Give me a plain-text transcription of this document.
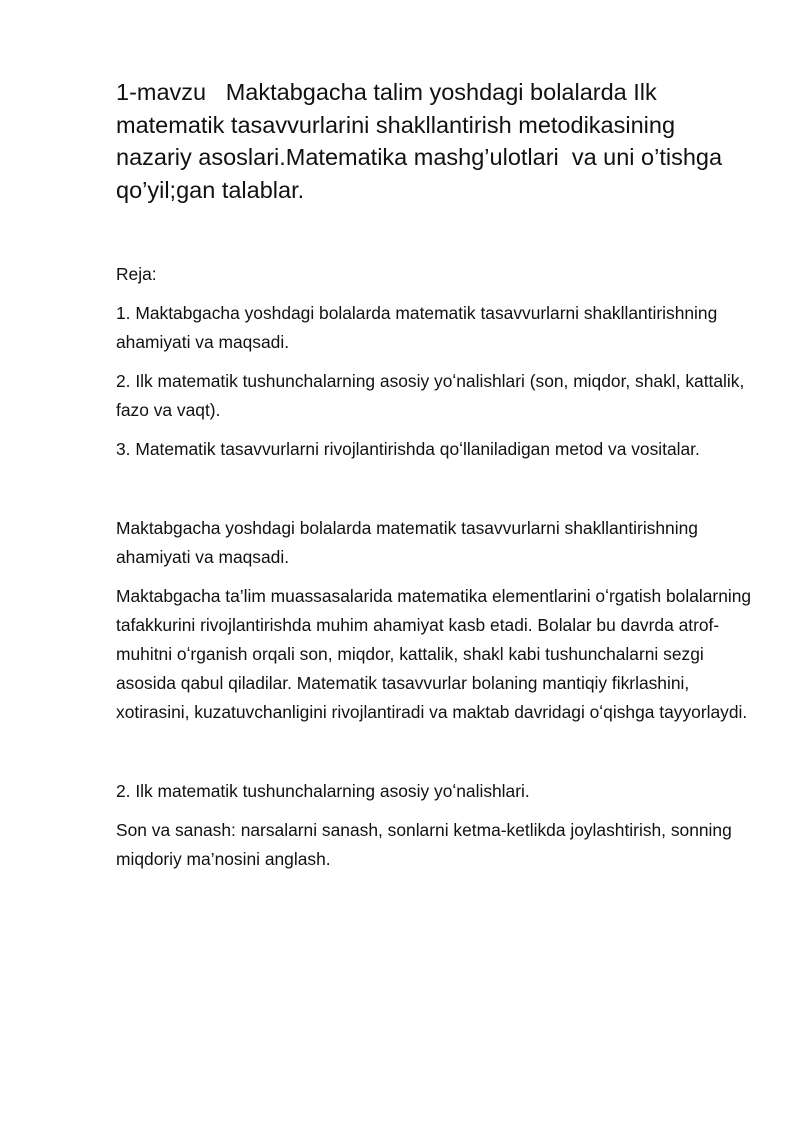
1-mavzu   Maktabgacha talim yoshdagi bolalarda Ilk matematik tasavvurlarini shakllantirish metodikasining nazariy asoslari.Matematika mashg’ulotlari  va uni o’tishga qo’yil;gan talablar.

Reja:

1. Maktabgacha yoshdagi bolalarda matematik tasavvurlarni shakllantirishning ahamiyati va maqsadi.

2. Ilk matematik tushunchalarning asosiy yoʻnalishlari (son, miqdor, shakl, kattalik, fazo va vaqt).

3. Matematik tasavvurlarni rivojlantirishda qoʻllaniladigan metod va vositalar.

Maktabgacha yoshdagi bolalarda matematik tasavvurlarni shakllantirishning ahamiyati va maqsadi.

Maktabgacha ta’lim muassasalarida matematika elementlarini oʻrgatish bolalarning tafakkurini rivojlantirishda muhim ahamiyat kasb etadi. Bolalar bu davrda atrof-muhitni oʻrganish orqali son, miqdor, kattalik, shakl kabi tushunchalarni sezgi asosida qabul qiladilar. Matematik tasavvurlar bolaning mantiqiy fikrlashini, xotirasini, kuzatuvchanligini rivojlantiradi va maktab davridagi oʻqishga tayyorlaydi.

2. Ilk matematik tushunchalarning asosiy yoʻnalishlari.

Son va sanash: narsalarni sanash, sonlarni ketma-ketlikda joylashtirish, sonning miqdoriy ma’nosini anglash.
